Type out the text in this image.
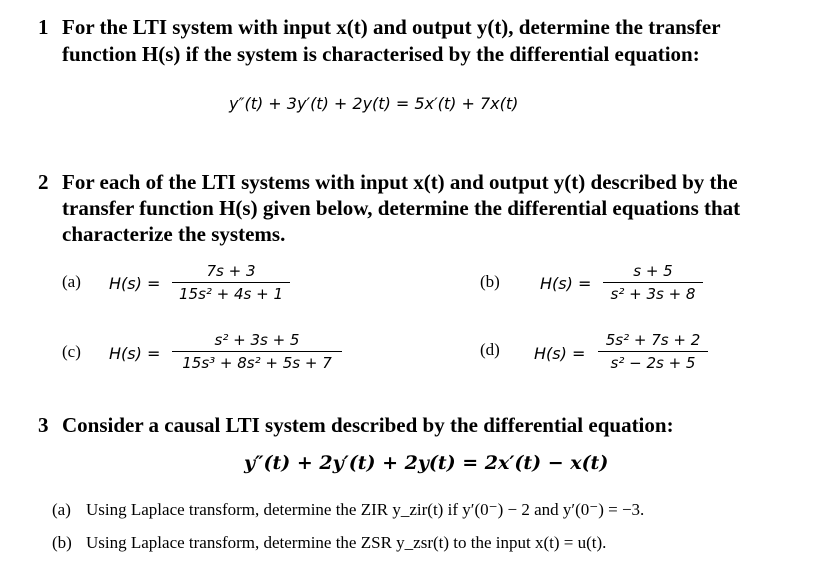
1 For the LTI system with input x(t) and output y(t), determine the transfer
function H(s) if the system is characterised by the differential equation:
y″(t) + 3y′(t) + 2y(t) = 5x′(t) + 7x(t)
2 For each of the LTI systems with input x(t) and output y(t) described by the
transfer function H(s) given below, determine the differential equations that
characterize the systems.
(a) H(s) =
7s + 3
15s² + 4s + 1
(b)	H(s) =
s + 5
s² + 3s + 8
(c) H(s) =
s² + 3s + 5
15s³ + 8s² + 5s + 7
(d) H(s) =
5s² + 7s + 2
s² − 2s + 5
3 Consider a causal LTI system described by the differential equation:
y″(t) + 2y′(t) + 2y(t) = 2x′(t) − x(t)
(a) Using Laplace transform, determine the ZIR y_zir(t) if y′(0⁻) − 2 and y′(0⁻) = −3.
(b) Using Laplace transform, determine the ZSR y_zsr(t) to the input x(t) = u(t).
